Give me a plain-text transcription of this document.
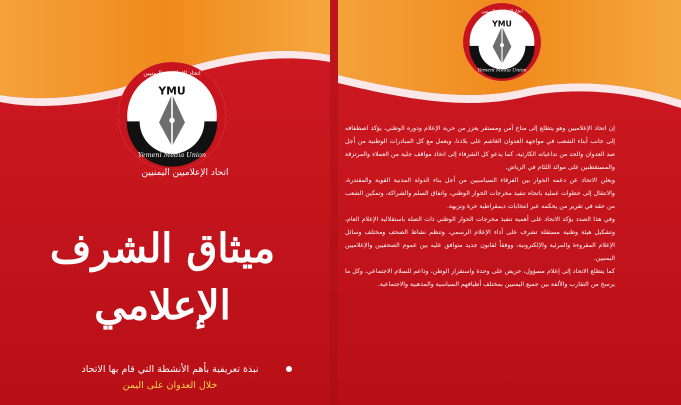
YMU
Yemeni Media Union
اتحاد الإعلاميين اليمنيين
YMU
Yemeni Media Union
اتحاد الإعلاميين اليمنيين
اتحاد الإعلاميين اليمنيين
ميثاق الشرف
الإعلامي
نبذة تعريفية بأهم الأنشطة التي قام بها الاتحاد
خلال العدوان على اليمن

إن اتحاد الإعلاميين وهو يتطلع إلى مناخ آمن ومستقر يعزز من حرية الإعلام ودوره الوطني، يؤكد اصطفافه إلى جانب أبناء الشعب في مواجهة العدوان الغاشم على بلادنا، ويعمل مع كل المبادرات الوطنية من أجل صد العدوان والحد من تداعياته الكارثية، كما يدعو كل الشرفاء إلى اتخاذ مواقف جلية من العملاء والمرتزقة والمستقطنين على موائد اللئام في الرياض.

ويعلن الاتحاد عن دعمه الحوار بين الفرقاء السياسيين من أجل بناء الدولة المدنية القوية والمقتدرة، والانتقال إلى خطوات عملية باتجاه تنفيذ مخرجات الحوار الوطني، واتفاق السلم والشراكة، وتمكين الشعب من حقه في تقرير من يحكمه عبر انتخابات ديمقراطية حرة ونزيهة.

وفي هذا الصدد يؤكد الاتحاد على أهمية تنفيذ مخرجات الحوار الوطني ذات الصلة باستقلالية الإعلام العام، وتشكيل هيئة وطنية مستقلة تشرف على أداء الإعلام الرسمي، وتنظم نشاط الصحف ومختلف وسائل الإعلام المقروءة والمرئية والإلكترونية، ووفقاً لقانون جديد متوافق عليه بين عموم الصحفيين والإعلاميين اليمنيين.

كما يتطلع الاتحاد إلى إعلام مسؤول، حريص على وحدة واستقرار الوطن، وداعم للسلام الاجتماعي، وكل ما يرسخ من التقارب والألفة بين جميع اليمنيين بمختلف أطيافهم السياسية والمذهبية والاجتماعية.
